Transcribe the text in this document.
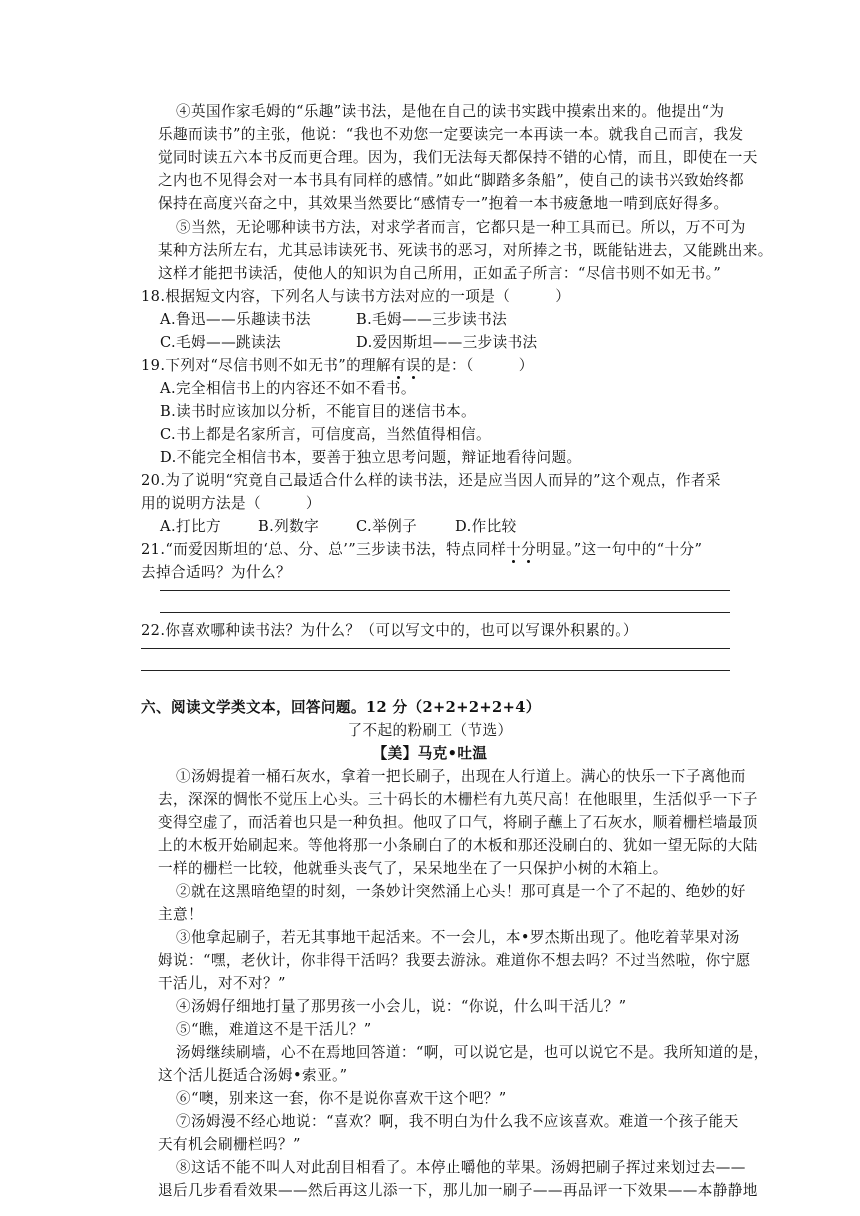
④英国作家毛姆的“乐趣”读书法，是他在自己的读书实践中摸索出来的。他提出“为
乐趣而读书”的主张，他说：“我也不劝您一定要读完一本再读一本。就我自己而言，我发
觉同时读五六本书反而更合理。因为，我们无法每天都保持不错的心情，而且，即使在一天
之内也不见得会对一本书具有同样的感情。”如此“脚踏多条船”，使自己的读书兴致始终都
保持在高度兴奋之中，其效果当然要比“感情专一”抱着一本书疲惫地一啃到底好得多。
⑤当然，无论哪种读书方法，对求学者而言，它都只是一种工具而已。所以，万不可为
某种方法所左右，尤其忌讳读死书、死读书的恶习，对所捧之书，既能钻进去，又能跳出来。
这样才能把书读活，使他人的知识为自己所用，正如孟子所言：“尽信书则不如无书。”
18.根据短文内容，下列名人与读书方法对应的一项是（　　　）
A.鲁迅——乐趣读书法	B.毛姆——三步读书法
C.毛姆——跳读法	D.爱因斯坦——三步读书法
19.下列对“尽信书则不如无书”的理解有误的是：（　　　）
A.完全相信书上的内容还不如不看书。
B.读书时应该加以分析，不能盲目的迷信书本。
C.书上都是名家所言，可信度高，当然值得相信。
D.不能完全相信书本，要善于独立思考问题，辩证地看待问题。
20.为了说明“究竟自己最适合什么样的读书法，还是应当因人而异的”这个观点，作者采
用的说明方法是（　　　）
A.打比方	B.列数字	C.举例子	D.作比较
21.“而爱因斯坦的‘总、分、总’”三步读书法，特点同样十分明显。”这一句中的“十分”
去掉合适吗？为什么？
22.你喜欢哪种读书法？为什么？（可以写文中的，也可以写课外积累的。）
六、阅读文学类文本，回答问题。12 分（2+2+2+2+4）
了不起的粉刷工（节选）
【美】马克•吐温
①汤姆提着一桶石灰水，拿着一把长刷子，出现在人行道上。满心的快乐一下子离他而
去，深深的惆怅不觉压上心头。三十码长的木栅栏有九英尺高！在他眼里，生活似乎一下子
变得空虚了，而活着也只是一种负担。他叹了口气，将刷子蘸上了石灰水，顺着栅栏墙最顶
上的木板开始刷起来。等他将那一小条刷白了的木板和那还没刷白的、犹如一望无际的大陆
一样的栅栏一比较，他就垂头丧气了，呆呆地坐在了一只保护小树的木箱上。
②就在这黑暗绝望的时刻，一条妙计突然涌上心头！那可真是一个了不起的、绝妙的好
主意！
③他拿起刷子，若无其事地干起活来。不一会儿，本•罗杰斯出现了。他吃着苹果对汤
姆说：“嘿，老伙计，你非得干活吗？我要去游泳。难道你不想去吗？不过当然啦，你宁愿
干活儿，对不对？”
④汤姆仔细地打量了那男孩一小会儿，说：“你说，什么叫干活儿？”
⑤“瞧，难道这不是干活儿？”
汤姆继续刷墙，心不在焉地回答道：“啊，可以说它是，也可以说它不是。我所知道的是，
这个活儿挺适合汤姆•索亚。”
⑥“噢，别来这一套，你不是说你喜欢干这个吧？”
⑦汤姆漫不经心地说：“喜欢？啊，我不明白为什么我不应该喜欢。难道一个孩子能天
天有机会刷栅栏吗？”
⑧这话不能不叫人对此刮目相看了。本停止嚼他的苹果。汤姆把刷子挥过来划过去——
退后几步看看效果——然后再这儿添一下，那儿加一刷子——再品评一下效果——本静静地
